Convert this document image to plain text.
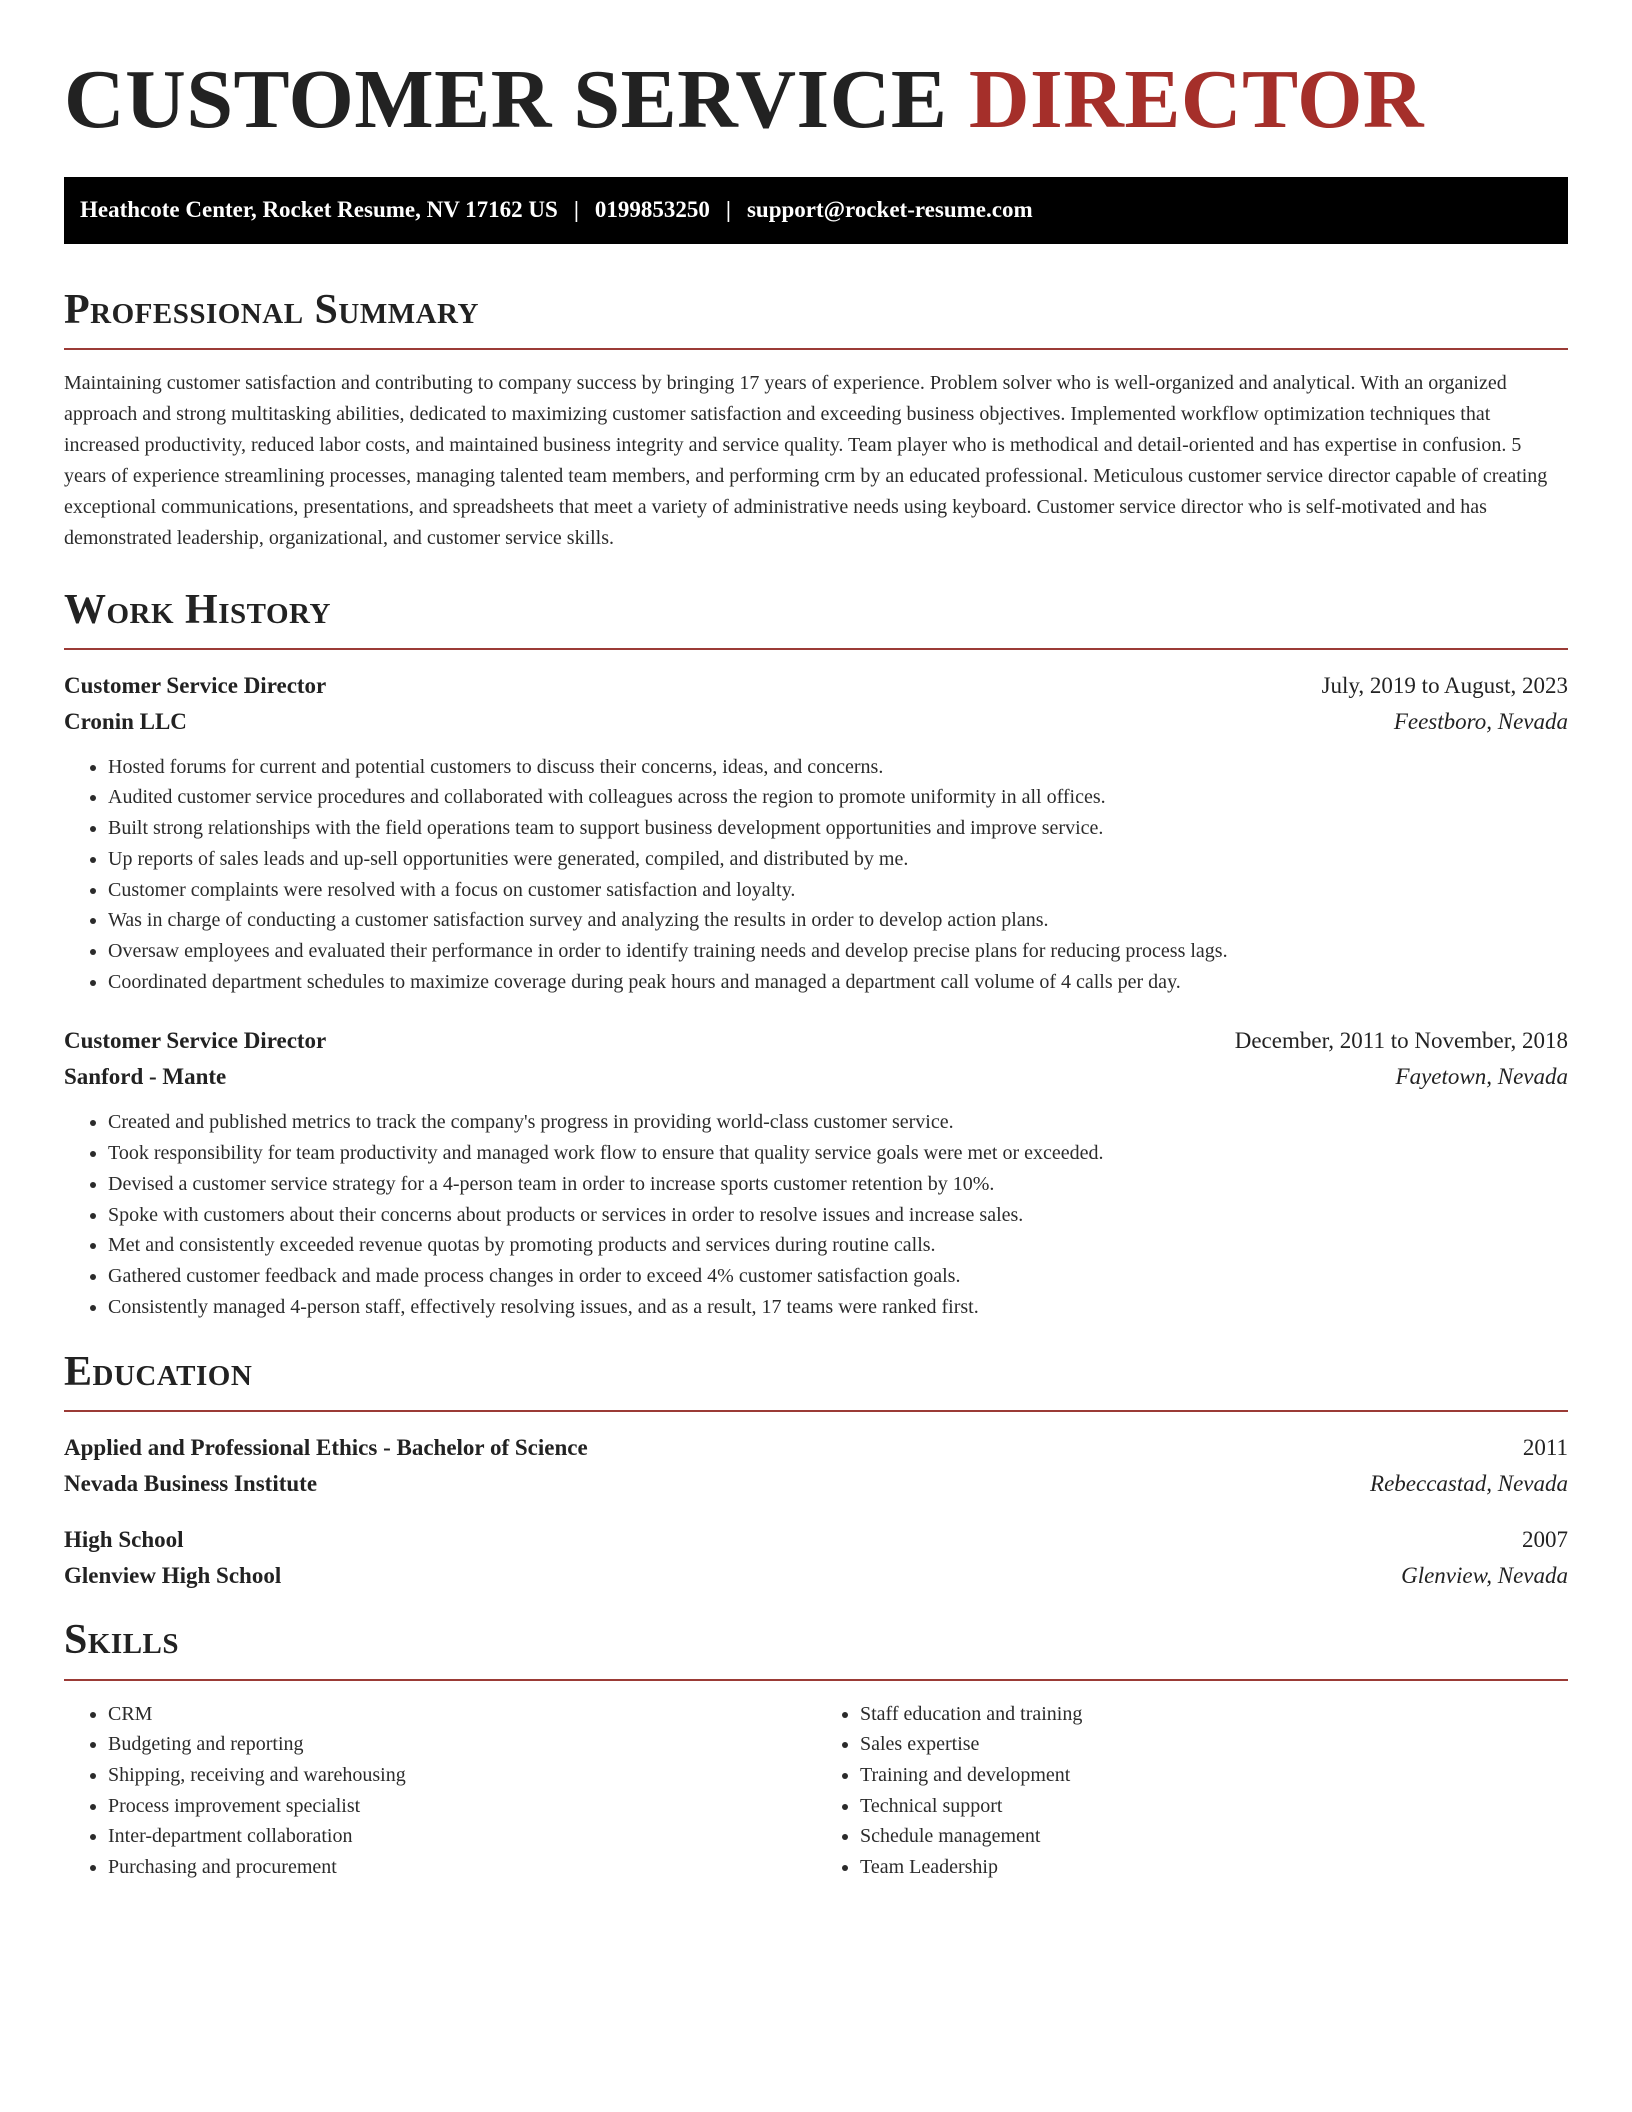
CUSTOMER SERVICE DIRECTOR
Heathcote Center, Rocket Resume, NV 17162 US | 0199853250 | support@rocket-resume.com
Professional Summary

Maintaining customer satisfaction and contributing to company success by bringing 17 years of experience. Problem solver who is well-organized and analytical. With an organized approach and strong multitasking abilities, dedicated to maximizing customer satisfaction and exceeding business objectives. Implemented workflow optimization techniques that increased productivity, reduced labor costs, and maintained business integrity and service quality. Team player who is methodical and detail-oriented and has expertise in confusion. 5 years of experience streamlining processes, managing talented team members, and performing crm by an educated professional. Meticulous customer service director capable of creating exceptional communications, presentations, and spreadsheets that meet a variety of administrative needs using keyboard. Customer service director who is self-motivated and has demonstrated leadership, organizational, and customer service skills.

Work History
Customer Service Director	July, 2019 to August, 2023
Cronin LLC	Feestboro, Nevada
• Hosted forums for current and potential customers to discuss their concerns, ideas, and concerns.
• Audited customer service procedures and collaborated with colleagues across the region to promote uniformity in all offices.
• Built strong relationships with the field operations team to support business development opportunities and improve service.
• Up reports of sales leads and up-sell opportunities were generated, compiled, and distributed by me.
• Customer complaints were resolved with a focus on customer satisfaction and loyalty.
• Was in charge of conducting a customer satisfaction survey and analyzing the results in order to develop action plans.
• Oversaw employees and evaluated their performance in order to identify training needs and develop precise plans for reducing process lags.
• Coordinated department schedules to maximize coverage during peak hours and managed a department call volume of 4 calls per day.
Customer Service Director	December, 2011 to November, 2018
Sanford - Mante	Fayetown, Nevada
• Created and published metrics to track the company's progress in providing world-class customer service.
• Took responsibility for team productivity and managed work flow to ensure that quality service goals were met or exceeded.
• Devised a customer service strategy for a 4-person team in order to increase sports customer retention by 10%.
• Spoke with customers about their concerns about products or services in order to resolve issues and increase sales.
• Met and consistently exceeded revenue quotas by promoting products and services during routine calls.
• Gathered customer feedback and made process changes in order to exceed 4% customer satisfaction goals.
• Consistently managed 4-person staff, effectively resolving issues, and as a result, 17 teams were ranked first.
Education
Applied and Professional Ethics - Bachelor of Science	2011
Nevada Business Institute	Rebeccastad, Nevada
High School	2007
Glenview High School	Glenview, Nevada
Skills
• CRM
• Budgeting and reporting
• Shipping, receiving and warehousing
• Process improvement specialist
• Inter-department collaboration
• Purchasing and procurement
• Staff education and training
• Sales expertise
• Training and development
• Technical support
• Schedule management
• Team Leadership
